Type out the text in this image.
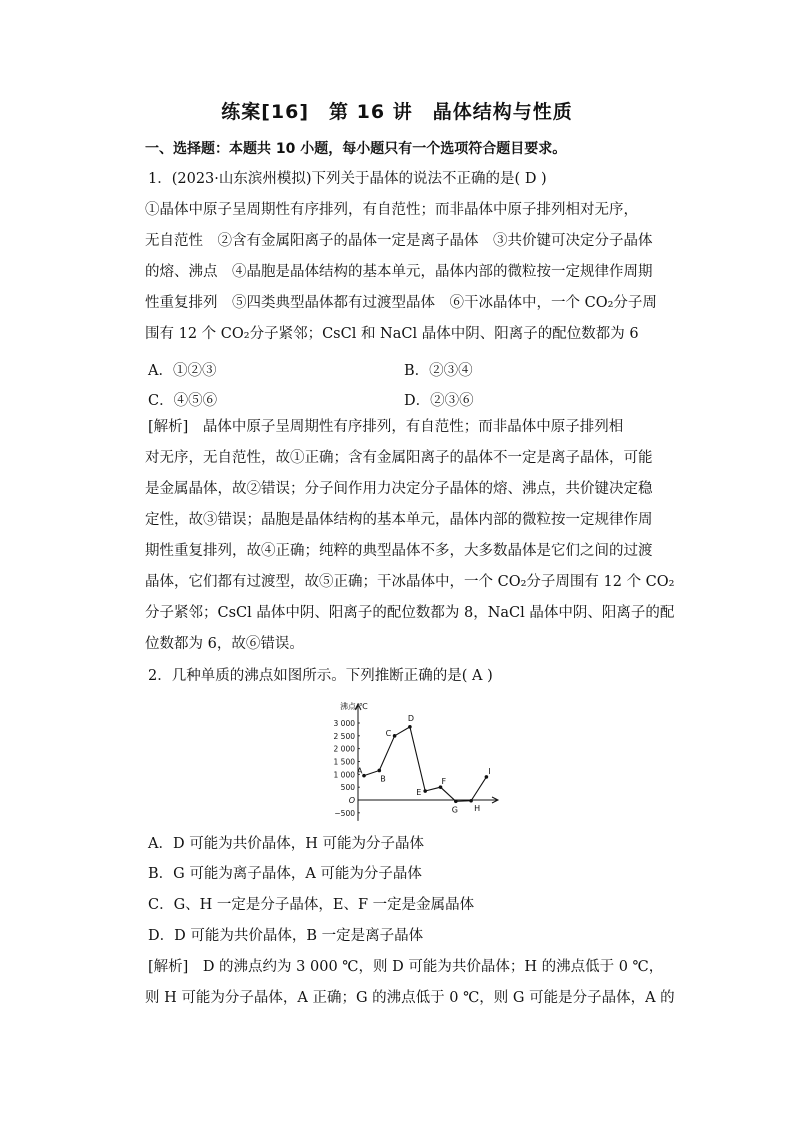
练案[16]　第 16 讲　晶体结构与性质
一、选择题：本题共 10 小题，每小题只有一个选项符合题目要求。
1．(2023·山东滨州模拟)下列关于晶体的说法不正确的是( D )
①晶体中原子呈周期性有序排列，有自范性；而非晶体中原子排列相对无序，
无自范性　②含有金属阳离子的晶体一定是离子晶体　③共价键可决定分子晶体
的熔、沸点　④晶胞是晶体结构的基本单元，晶体内部的微粒按一定规律作周期
性重复排列　⑤四类典型晶体都有过渡型晶体　⑥干冰晶体中，一个 CO₂分子周
围有 12 个 CO₂分子紧邻；CsCl 和 NaCl 晶体中阴、阳离子的配位数都为 6
A．①②③	B．②③④
C．④⑤⑥	D．②③⑥
[解析]　晶体中原子呈周期性有序排列，有自范性；而非晶体中原子排列相
对无序，无自范性，故①正确；含有金属阳离子的晶体不一定是离子晶体，可能
是金属晶体，故②错误；分子间作用力决定分子晶体的熔、沸点，共价键决定稳
定性，故③错误；晶胞是晶体结构的基本单元，晶体内部的微粒按一定规律作周
期性重复排列，故④正确；纯粹的典型晶体不多，大多数晶体是它们之间的过渡
晶体，它们都有过渡型，故⑤正确；干冰晶体中，一个 CO₂分子周围有 12 个 CO₂
分子紧邻；CsCl 晶体中阴、阳离子的配位数都为 8，NaCl 晶体中阴、阳离子的配
位数都为 6，故⑥错误。
2．几种单质的沸点如图所示。下列推断正确的是( A )
沸点/℃
3 000
2 500
2 000
1 500
1 000
500
O
−500
A
B
C
D
E
F
G H
I
A．D 可能为共价晶体，H 可能为分子晶体
B．G 可能为离子晶体，A 可能为分子晶体
C．G、H 一定是分子晶体，E、F 一定是金属晶体
D．D 可能为共价晶体，B 一定是离子晶体
[解析]　D 的沸点约为 3 000 ℃，则 D 可能为共价晶体；H 的沸点低于 0 ℃，
则 H 可能为分子晶体，A 正确；G 的沸点低于 0 ℃，则 G 可能是分子晶体，A 的
